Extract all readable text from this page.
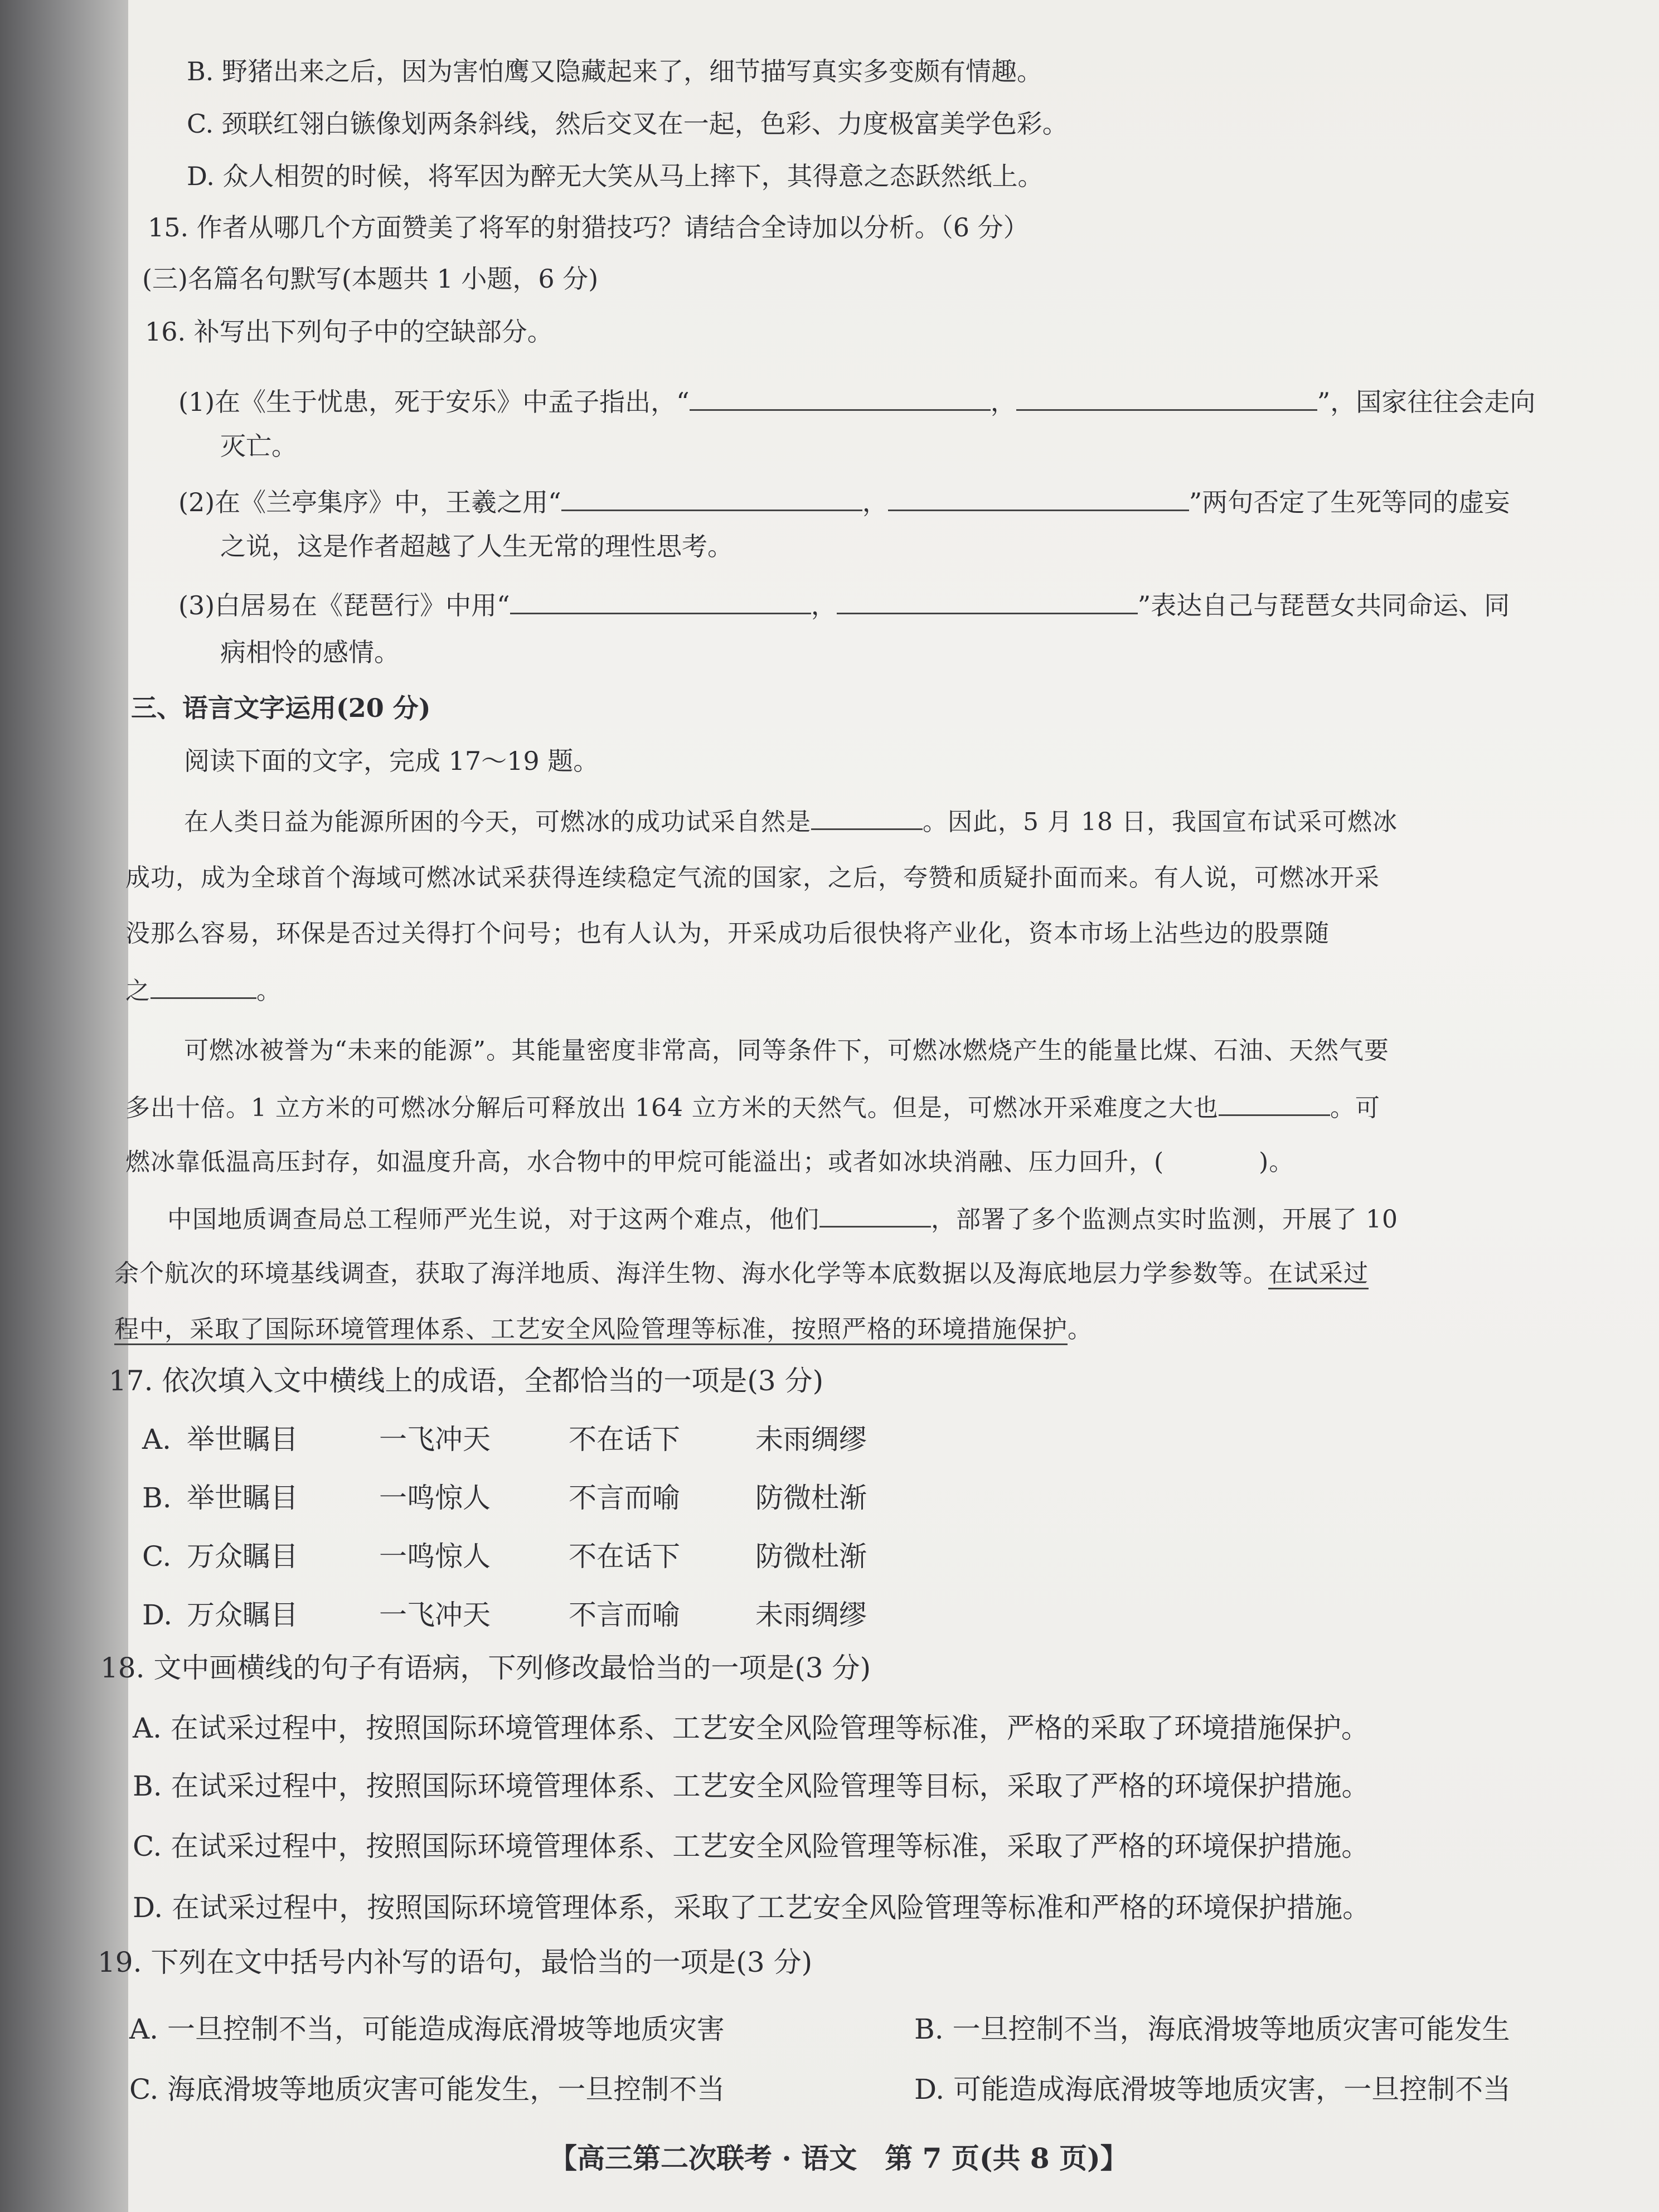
B. 野猪出来之后，因为害怕鹰又隐藏起来了，细节描写真实多变颇有情趣。
C. 颈联红翎白镞像划两条斜线，然后交叉在一起，色彩、力度极富美学色彩。
D. 众人相贺的时候，将军因为醉无大笑从马上摔下，其得意之态跃然纸上。
15. 作者从哪几个方面赞美了将军的射猎技巧？请结合全诗加以分析。（6 分）
(三)名篇名句默写(本题共 1 小题，6 分)
16. 补写出下列句子中的空缺部分。
(1)在《生于忧患，死于安乐》中孟子指出，“	，	”，国家往往会走向
灭亡。
(2)在《兰亭集序》中，王羲之用“	，	”两句否定了生死等同的虚妄
之说，这是作者超越了人生无常的理性思考。
(3)白居易在《琵琶行》中用“	，	”表达自己与琵琶女共同命运、同
病相怜的感情。
三、语言文字运用(20 分)
阅读下面的文字，完成 17～19 题。
在人类日益为能源所困的今天，可燃冰的成功试采自然是	。因此，5 月 18 日，我国宣布试采可燃冰
成功，成为全球首个海域可燃冰试采获得连续稳定气流的国家，之后，夸赞和质疑扑面而来。有人说，可燃冰开采
没那么容易，环保是否过关得打个问号；也有人认为，开采成功后很快将产业化，资本市场上沾些边的股票随
之	。
可燃冰被誉为“未来的能源”。其能量密度非常高，同等条件下，可燃冰燃烧产生的能量比煤、石油、天然气要
多出十倍。1 立方米的可燃冰分解后可释放出 164 立方米的天然气。但是，可燃冰开采难度之大也	。可
燃冰靠低温高压封存，如温度升高，水合物中的甲烷可能溢出；或者如冰块消融、压力回升，(	)。
中国地质调查局总工程师严光生说，对于这两个难点，他们	，部署了多个监测点实时监测，开展了 10
余个航次的环境基线调查，获取了海洋地质、海洋生物、海水化学等本底数据以及海底地层力学参数等。在试采过
程中，采取了国际环境管理体系、工艺安全风险管理等标准，按照严格的环境措施保护。
17. 依次填入文中横线上的成语，全都恰当的一项是(3 分)
A. 举世瞩目	一飞冲天	不在话下	未雨绸缪
B. 举世瞩目	一鸣惊人	不言而喻	防微杜渐
C. 万众瞩目	一鸣惊人	不在话下	防微杜渐
D. 万众瞩目	一飞冲天	不言而喻	未雨绸缪
18. 文中画横线的句子有语病，下列修改最恰当的一项是(3 分)
A. 在试采过程中，按照国际环境管理体系、工艺安全风险管理等标准，严格的采取了环境措施保护。
B. 在试采过程中，按照国际环境管理体系、工艺安全风险管理等目标，采取了严格的环境保护措施。
C. 在试采过程中，按照国际环境管理体系、工艺安全风险管理等标准，采取了严格的环境保护措施。
D. 在试采过程中，按照国际环境管理体系，采取了工艺安全风险管理等标准和严格的环境保护措施。
19. 下列在文中括号内补写的语句，最恰当的一项是(3 分)
A. 一旦控制不当，可能造成海底滑坡等地质灾害	B. 一旦控制不当，海底滑坡等地质灾害可能发生
C. 海底滑坡等地质灾害可能发生，一旦控制不当	D. 可能造成海底滑坡等地质灾害，一旦控制不当
【高三第二次联考 · 语文　第 7 页(共 8 页)】
